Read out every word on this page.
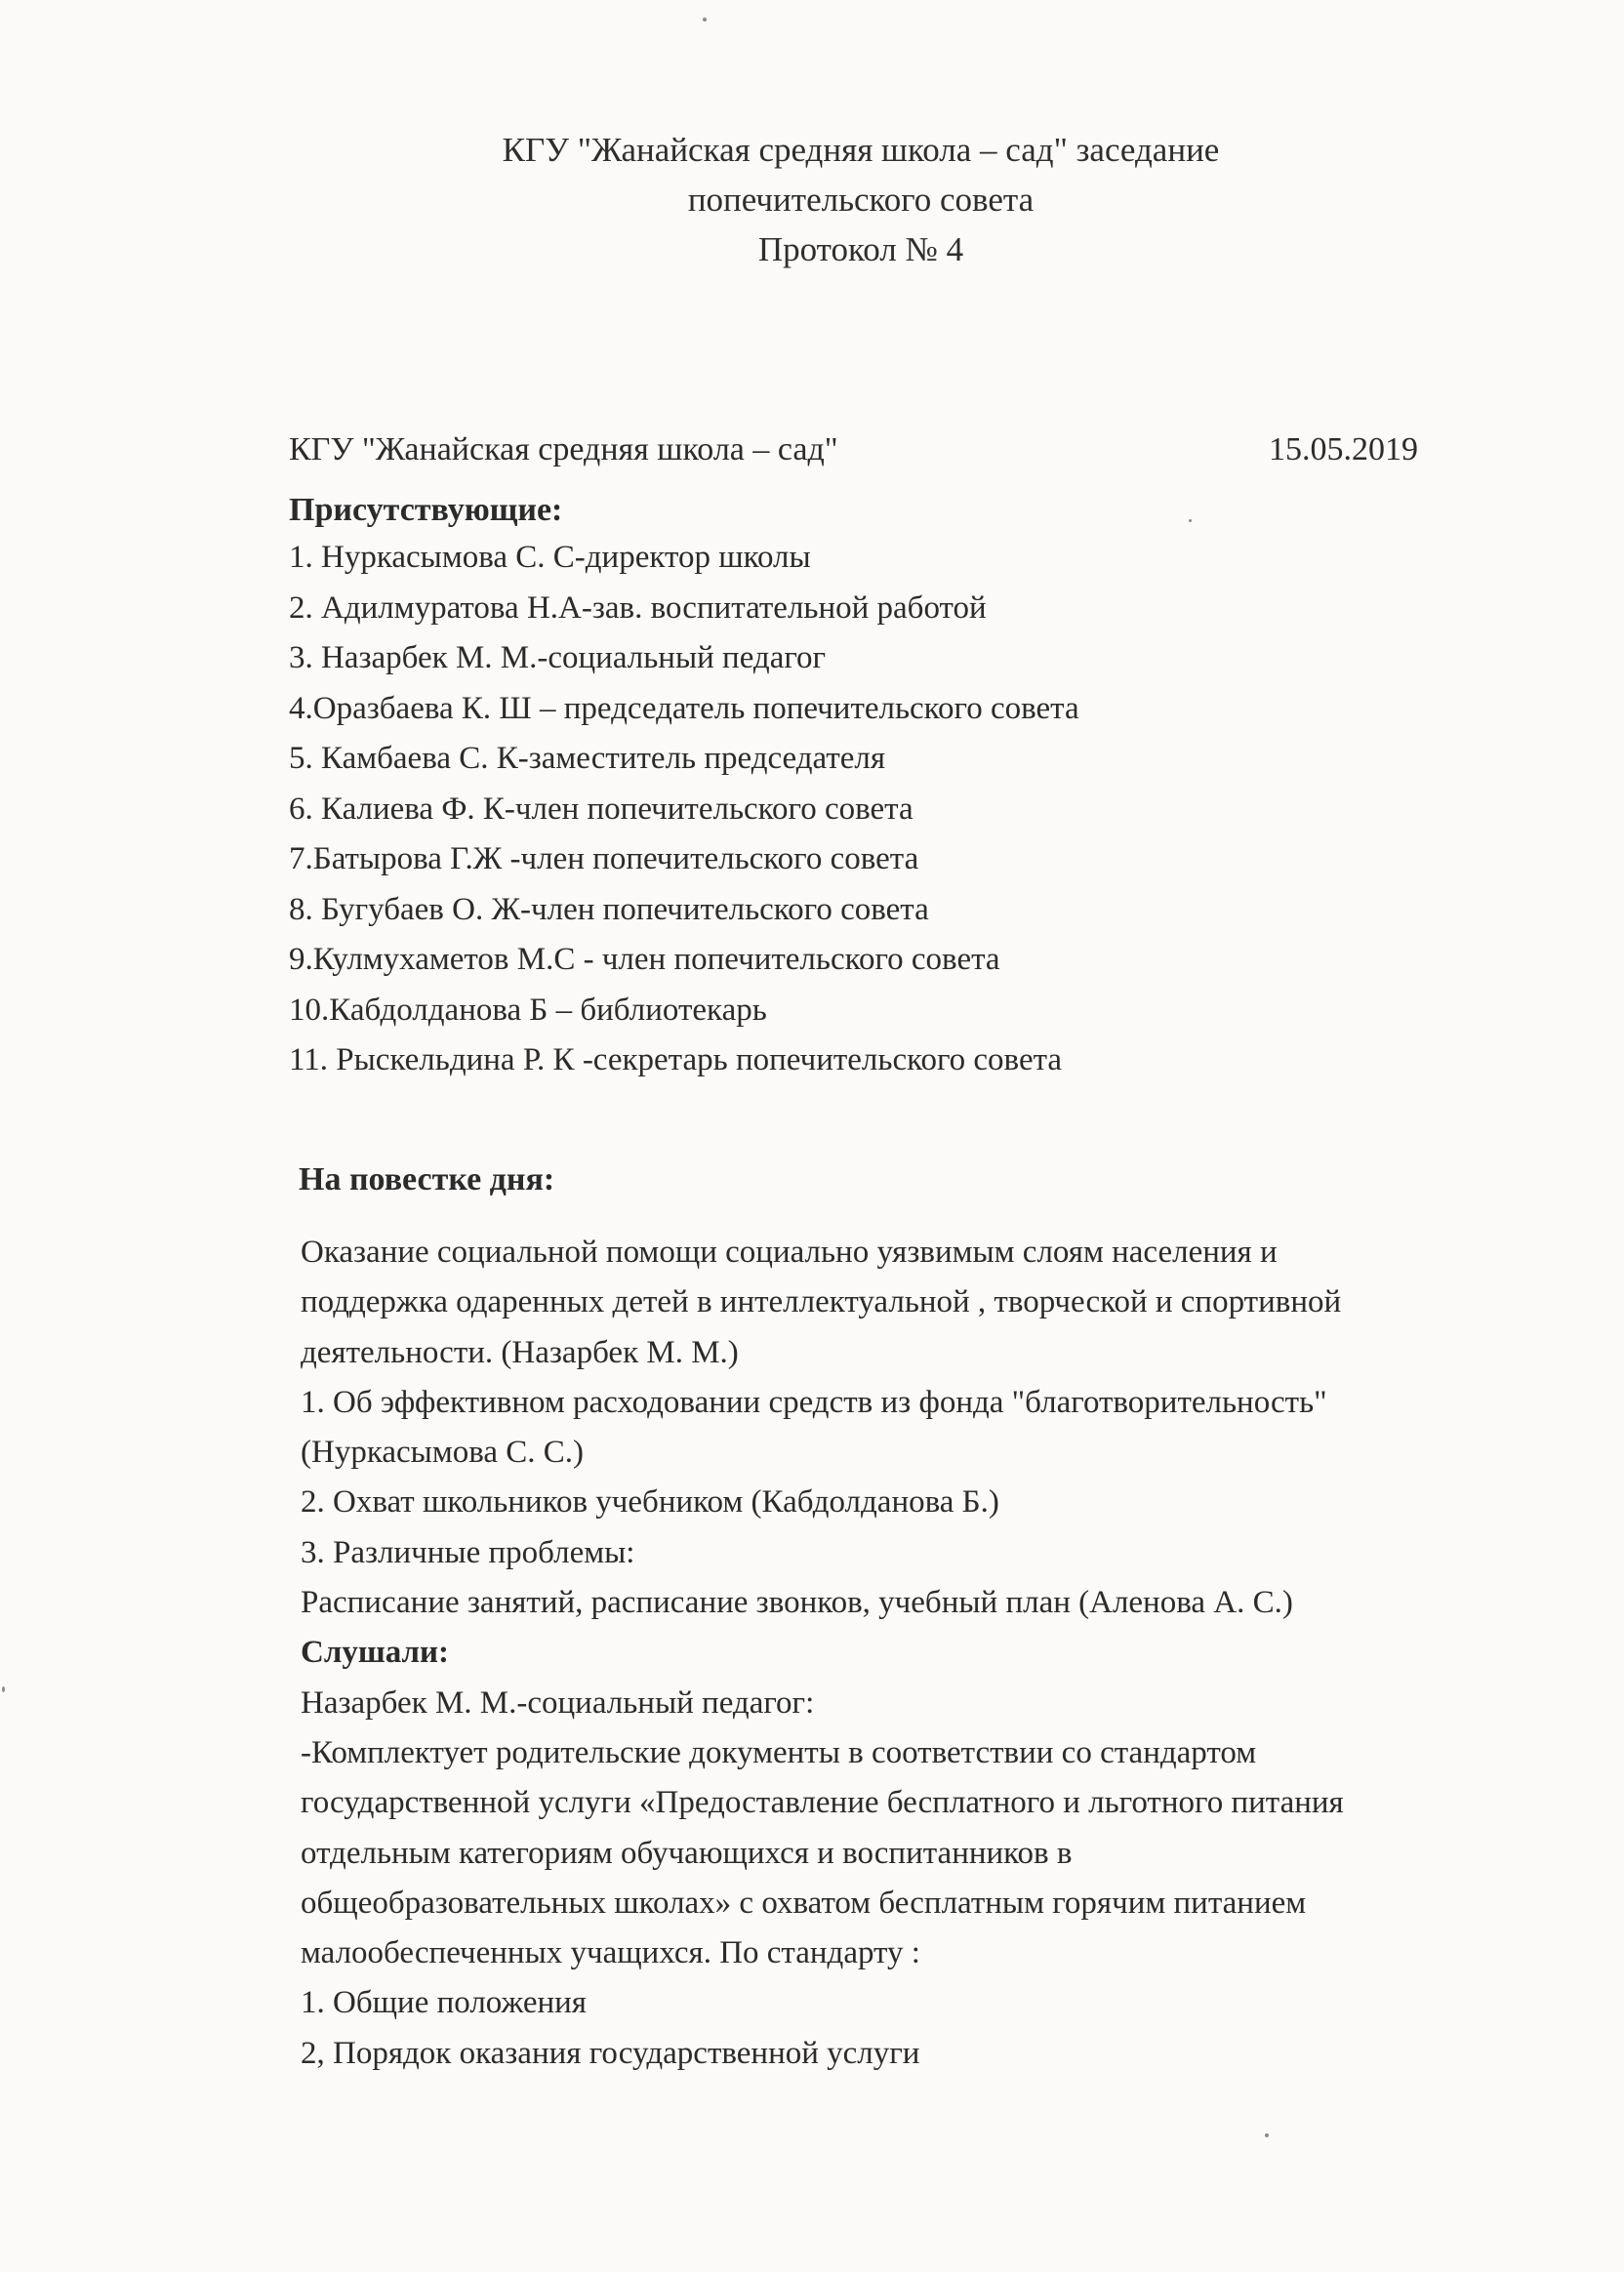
КГУ "Жанайская средняя школа – сад" заседание
попечительского совета
Протокол № 4
КГУ "Жанайская средняя школа – сад"	15.05.2019
Присутствующие:
1. Нуркасымова С. С-директор школы
2. Адилмуратова Н.А-зав. воспитательной работой
3. Назарбек М. М.-социальный педагог
4.Оразбаева К. Ш – председатель попечительского совета
5. Камбаева С. К-заместитель председателя
6. Калиева Ф. К-член попечительского совета
7.Батырова Г.Ж -член попечительского совета
8. Бугубаев О. Ж-член попечительского совета
9.Кулмухаметов М.С - член попечительского совета
10.Кабдолданова Б – библиотекарь
11. Рыскельдина Р. К -секретарь попечительского совета
На повестке дня:
Оказание социальной помощи социально уязвимым слоям населения и
поддержка одаренных детей в интеллектуальной , творческой и спортивной
деятельности. (Назарбек М. М.)
1. Об эффективном расходовании средств из фонда "благотворительность"
(Нуркасымова С. С.)
2. Охват школьников учебником (Кабдолданова Б.)
3. Различные проблемы:
Расписание занятий, расписание звонков, учебный план (Аленова А. С.)
Слушали:
Назарбек М. М.-социальный педагог:
-Комплектует родительские документы в соответствии со стандартом
государственной услуги «Предоставление бесплатного и льготного питания
отдельным категориям обучающихся и воспитанников в
общеобразовательных школах» с охватом бесплатным горячим питанием
малообеспеченных учащихся. По стандарту :
1. Общие положения
2, Порядок оказания государственной услуги
